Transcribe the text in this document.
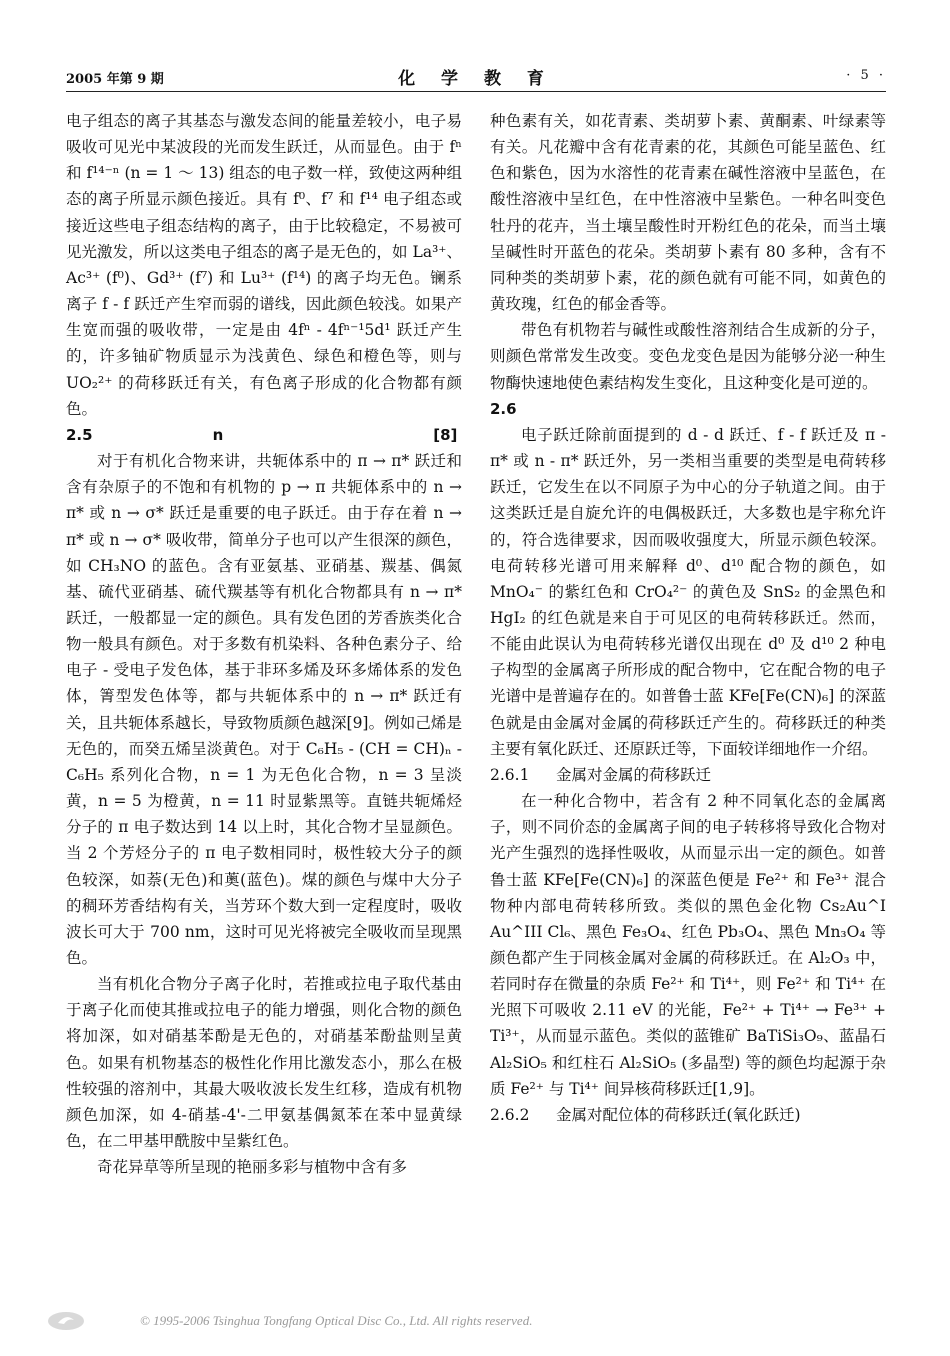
2005 年第 9 期	化 学 教 育	· 5 ·

电子组态的离子其基态与激发态间的能量差较小，电子易吸收可见光中某波段的光而发生跃迁，从而显色。由于 fⁿ 和 f¹⁴⁻ⁿ (n = 1 ～ 13) 组态的电子数一样，致使这两种组态的离子所显示颜色接近。具有 f⁰、f⁷ 和 f¹⁴ 电子组态或接近这些电子组态结构的离子，由于比较稳定，不易被可见光激发，所以这类电子组态的离子是无色的，如 La³⁺、Ac³⁺ (f⁰)、Gd³⁺ (f⁷) 和 Lu³⁺ (f¹⁴) 的离子均无色。镧系离子 f - f 跃迁产生窄而弱的谱线，因此颜色较浅。如果产生宽而强的吸收带，一定是由 4fⁿ - 4fⁿ⁻¹5d¹ 跃迁产生的，许多铀矿物质显示为浅黄色、绿色和橙色等，则与 UO₂²⁺ 的荷移跃迁有关，有色离子形成的化合物都有颜色。

2.5　　　　　　　　n　　　　　　　　　　　　　　[8]

对于有机化合物来讲，共轭体系中的 π → π* 跃迁和含有杂原子的不饱和有机物的 p → π 共轭体系中的 n → π* 或 n → σ* 跃迁是重要的电子跃迁。由于存在着 n → π* 或 n → σ* 吸收带，简单分子也可以产生很深的颜色，如 CH₃NO 的蓝色。含有亚氨基、亚硝基、羰基、偶氮基、硫代亚硝基、硫代羰基等有机化合物都具有 n → π* 跃迁，一般都显一定的颜色。具有发色团的芳香族类化合物一般具有颜色。对于多数有机染料、各种色素分子、给电子 - 受电子发色体，基于非环多烯及环多烯体系的发色体，箐型发色体等，都与共轭体系中的 n → π* 跃迁有关，且共轭体系越长，导致物质颜色越深[9]。例如己烯是无色的，而癸五烯呈淡黄色。对于 C₆H₅ - (CH = CH)ₙ - C₆H₅ 系列化合物，n = 1 为无色化合物，n = 3 呈淡黄，n = 5 为橙黄，n = 11 时显紫黑等。直链共轭烯烃分子的 π 电子数达到 14 以上时，其化合物才呈显颜色。当 2 个芳烃分子的 π 电子数相同时，极性较大分子的颜色较深，如萘(无色)和薁(蓝色)。煤的颜色与煤中大分子的稠环芳香结构有关，当芳环个数大到一定程度时，吸收波长可大于 700 nm，这时可见光将被完全吸收而呈现黑色。

当有机化合物分子离子化时，若推或拉电子取代基由于离子化而使其推或拉电子的能力增强，则化合物的颜色将加深，如对硝基苯酚是无色的，对硝基苯酚盐则呈黄色。如果有机物基态的极性化作用比激发态小，那么在极性较强的溶剂中，其最大吸收波长发生红移，造成有机物颜色加深，如 4-硝基-4'-二甲氨基偶氮苯在苯中显黄绿色，在二甲基甲酰胺中呈紫红色。

奇花异草等所呈现的艳丽多彩与植物中含有多

种色素有关，如花青素、类胡萝卜素、黄酮素、叶绿素等有关。凡花瓣中含有花青素的花，其颜色可能呈蓝色、红色和紫色，因为水溶性的花青素在碱性溶液中呈蓝色，在酸性溶液中呈红色，在中性溶液中呈紫色。一种名叫变色牡丹的花卉，当土壤呈酸性时开粉红色的花朵，而当土壤呈碱性时开蓝色的花朵。类胡萝卜素有 80 多种，含有不同种类的类胡萝卜素，花的颜色就有可能不同，如黄色的黄玫瑰，红色的郁金香等。

带色有机物若与碱性或酸性溶剂结合生成新的分子，则颜色常常发生改变。变色龙变色是因为能够分泌一种生物酶快速地使色素结构发生变化，且这种变化是可逆的。

2.6

电子跃迁除前面提到的 d - d 跃迁、f - f 跃迁及 π - π* 或 n - π* 跃迁外，另一类相当重要的类型是电荷转移跃迁，它发生在以不同原子为中心的分子轨道之间。由于这类跃迁是自旋允许的电偶极跃迁，大多数也是宇称允许的，符合选律要求，因而吸收强度大，所显示颜色较深。电荷转移光谱可用来解释 d⁰、d¹⁰ 配合物的颜色，如 MnO₄⁻ 的紫红色和 CrO₄²⁻ 的黄色及 SnS₂ 的金黑色和 HgI₂ 的红色就是来自于可见区的电荷转移跃迁。然而，不能由此误认为电荷转移光谱仅出现在 d⁰ 及 d¹⁰ 2 种电子构型的金属离子所形成的配合物中，它在配合物的电子光谱中是普遍存在的。如普鲁士蓝 KFe[Fe(CN)₆] 的深蓝色就是由金属对金属的荷移跃迁产生的。荷移跃迁的种类主要有氧化跃迁、还原跃迁等，下面较详细地作一介绍。

2.6.1 金属对金属的荷移跃迁

在一种化合物中，若含有 2 种不同氧化态的金属离子，则不同价态的金属离子间的电子转移将导致化合物对光产生强烈的选择性吸收，从而显示出一定的颜色。如普鲁士蓝 KFe[Fe(CN)₆] 的深蓝色便是 Fe²⁺ 和 Fe³⁺ 混合物种内部电荷转移所致。类似的黑色金化物 Cs₂Au^I Au^III Cl₆、黑色 Fe₃O₄、红色 Pb₃O₄、黑色 Mn₃O₄ 等颜色都产生于同核金属对金属的荷移跃迁。在 Al₂O₃ 中，若同时存在微量的杂质 Fe²⁺ 和 Ti⁴⁺，则 Fe²⁺ 和 Ti⁴⁺ 在光照下可吸收 2.11 eV 的光能，Fe²⁺ + Ti⁴⁺ → Fe³⁺ + Ti³⁺，从而显示蓝色。类似的蓝锥矿 BaTiSi₃O₉、蓝晶石 Al₂SiO₅ 和红柱石 Al₂SiO₅ (多晶型) 等的颜色均起源于杂质 Fe²⁺ 与 Ti⁴⁺ 间异核荷移跃迁[1,9]。

2.6.2 金属对配位体的荷移跃迁(氧化跃迁)

© 1995-2006 Tsinghua Tongfang Optical Disc Co., Ltd. All rights reserved.
